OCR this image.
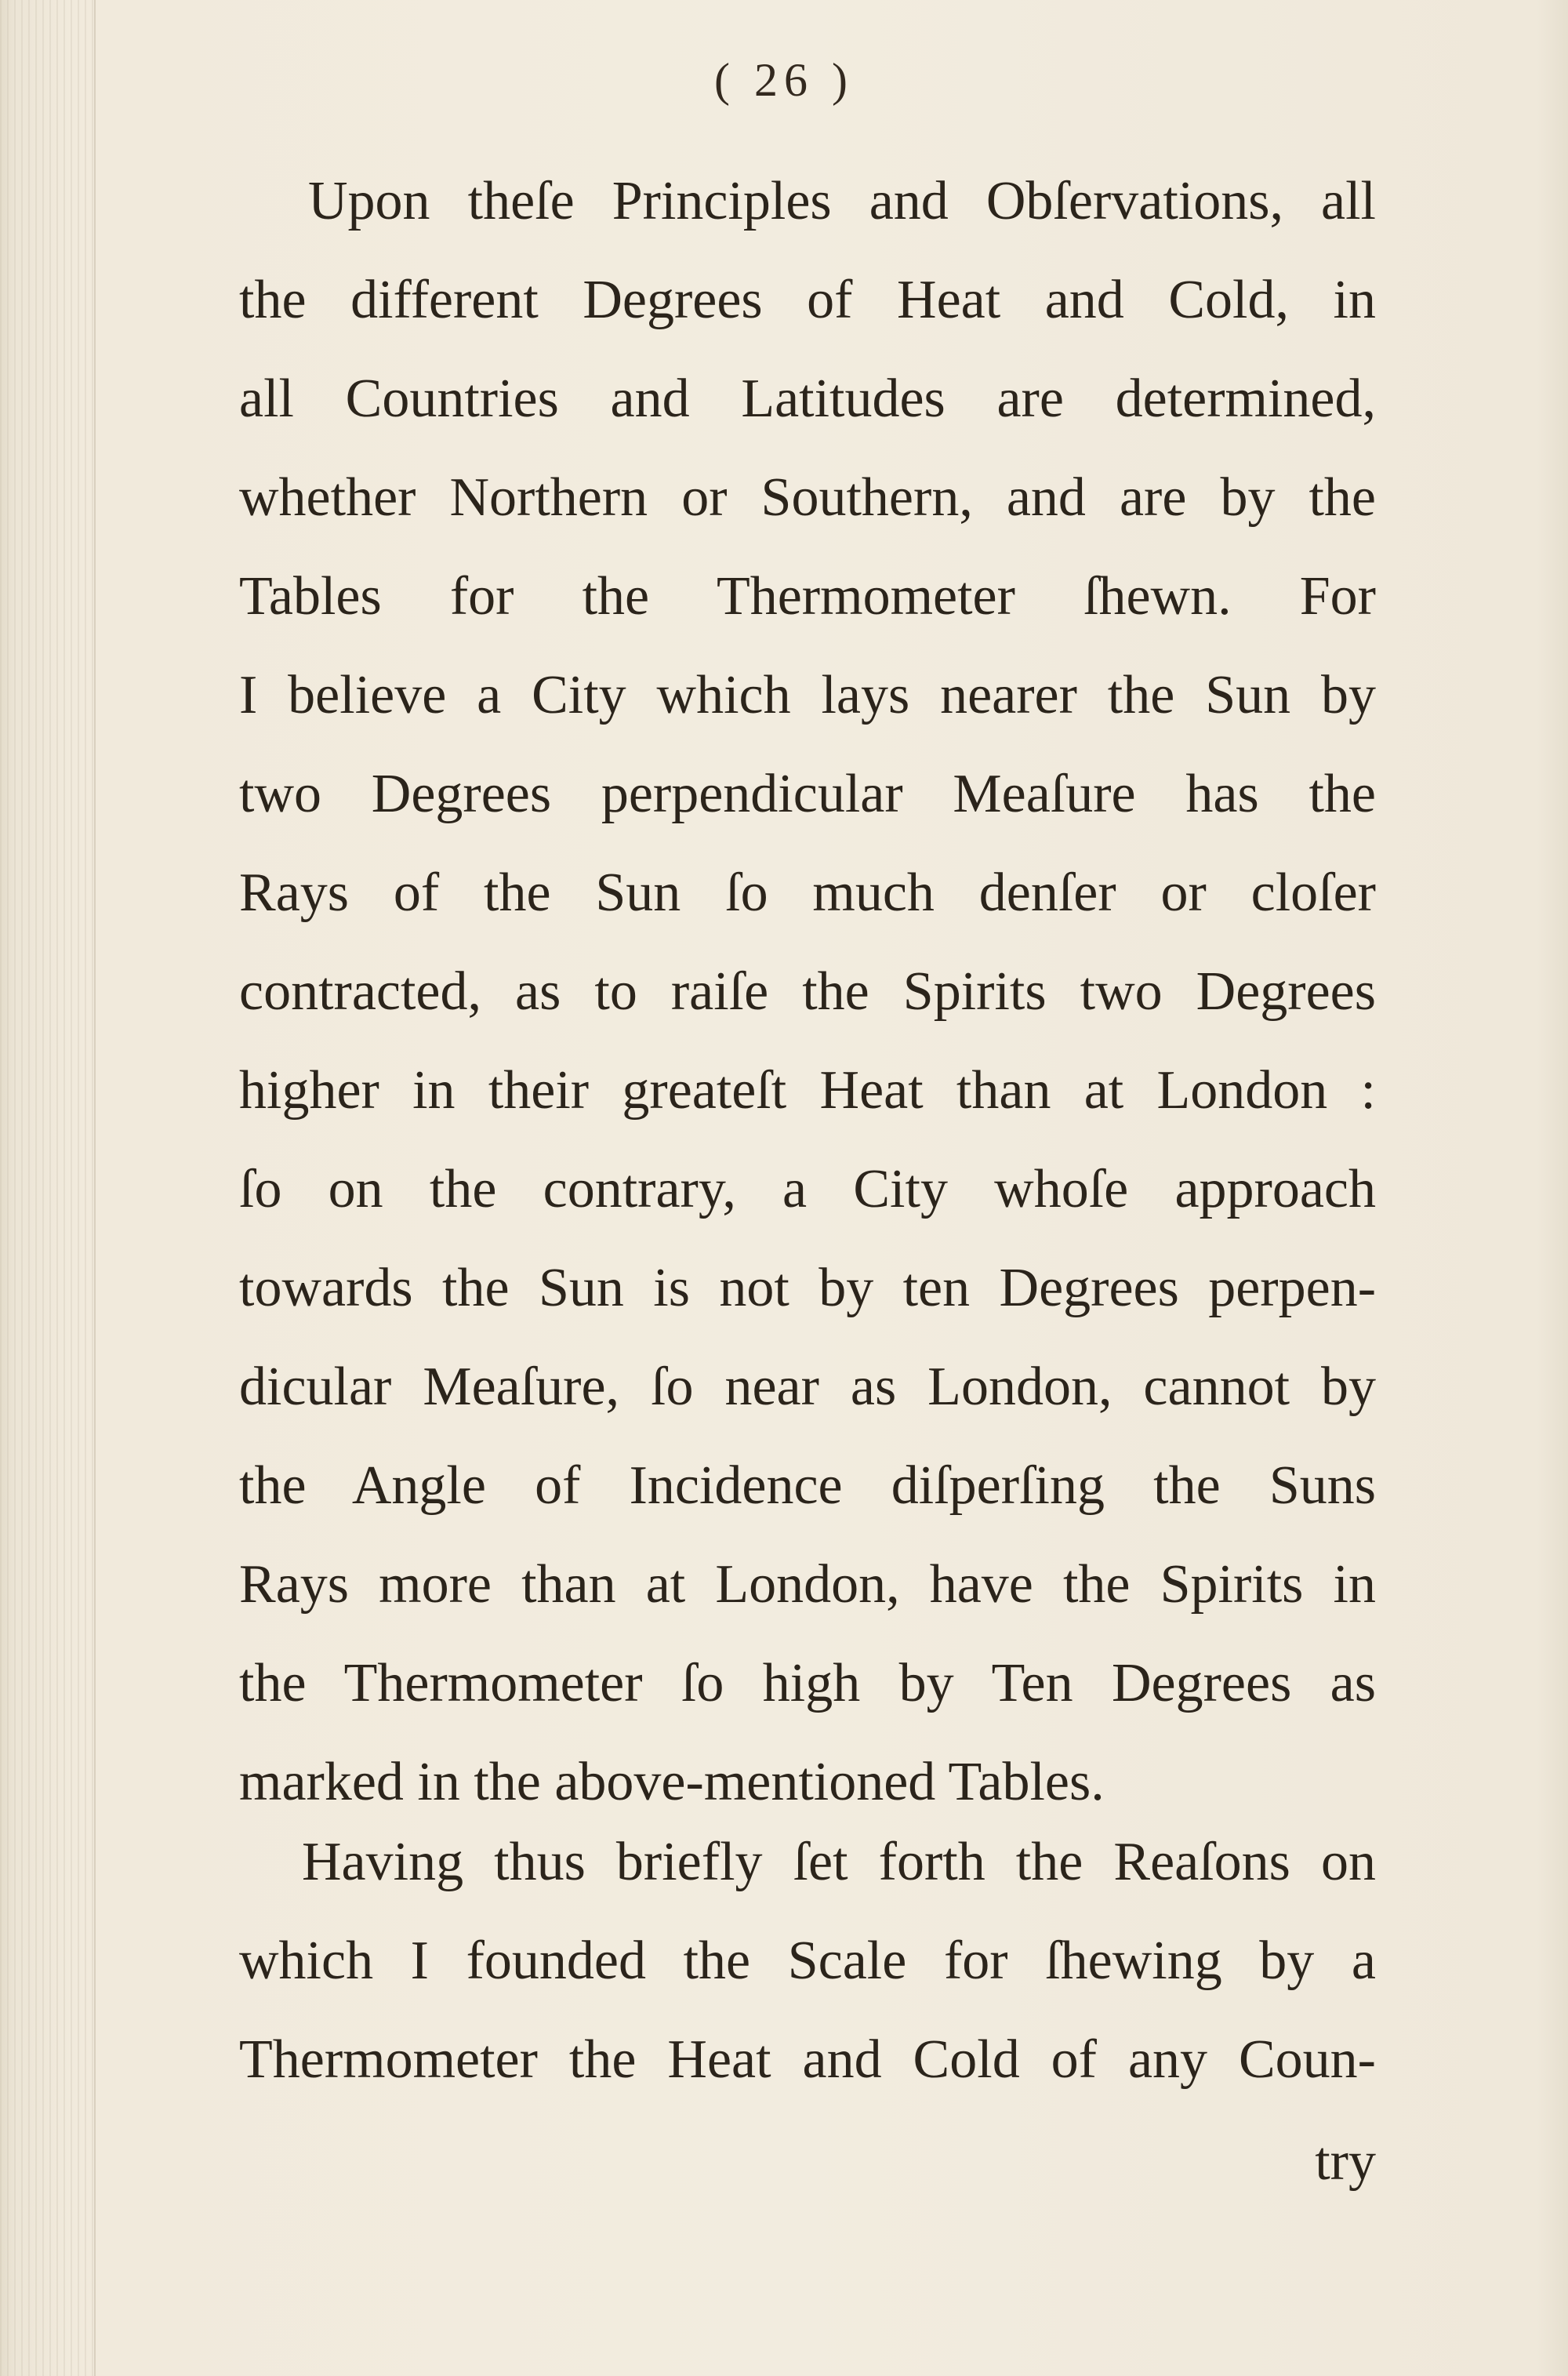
( 26 )
Upon theſe Principles and Obſervations, all
the different Degrees of Heat and Cold, in
all Countries and Latitudes are determined,
whether Northern or Southern, and are by the
Tables for the Thermometer ſhewn. For
I believe a City which lays nearer the Sun by
two Degrees perpendicular Meaſure has the
Rays of the Sun ſo much denſer or cloſer
contracted, as to raiſe the Spirits two Degrees
higher in their greateſt Heat than at London :
ſo on the contrary, a City whoſe approach
towards the Sun is not by ten Degrees perpen-
dicular Meaſure, ſo near as London, cannot by
the Angle of Incidence diſperſing the Suns
Rays more than at London, have the Spirits in
the Thermometer ſo high by Ten Degrees as
marked in the above-mentioned Tables.
Having thus briefly ſet forth the Reaſons on
which I founded the Scale for ſhewing by a
Thermometer the Heat and Cold of any Coun-
try
